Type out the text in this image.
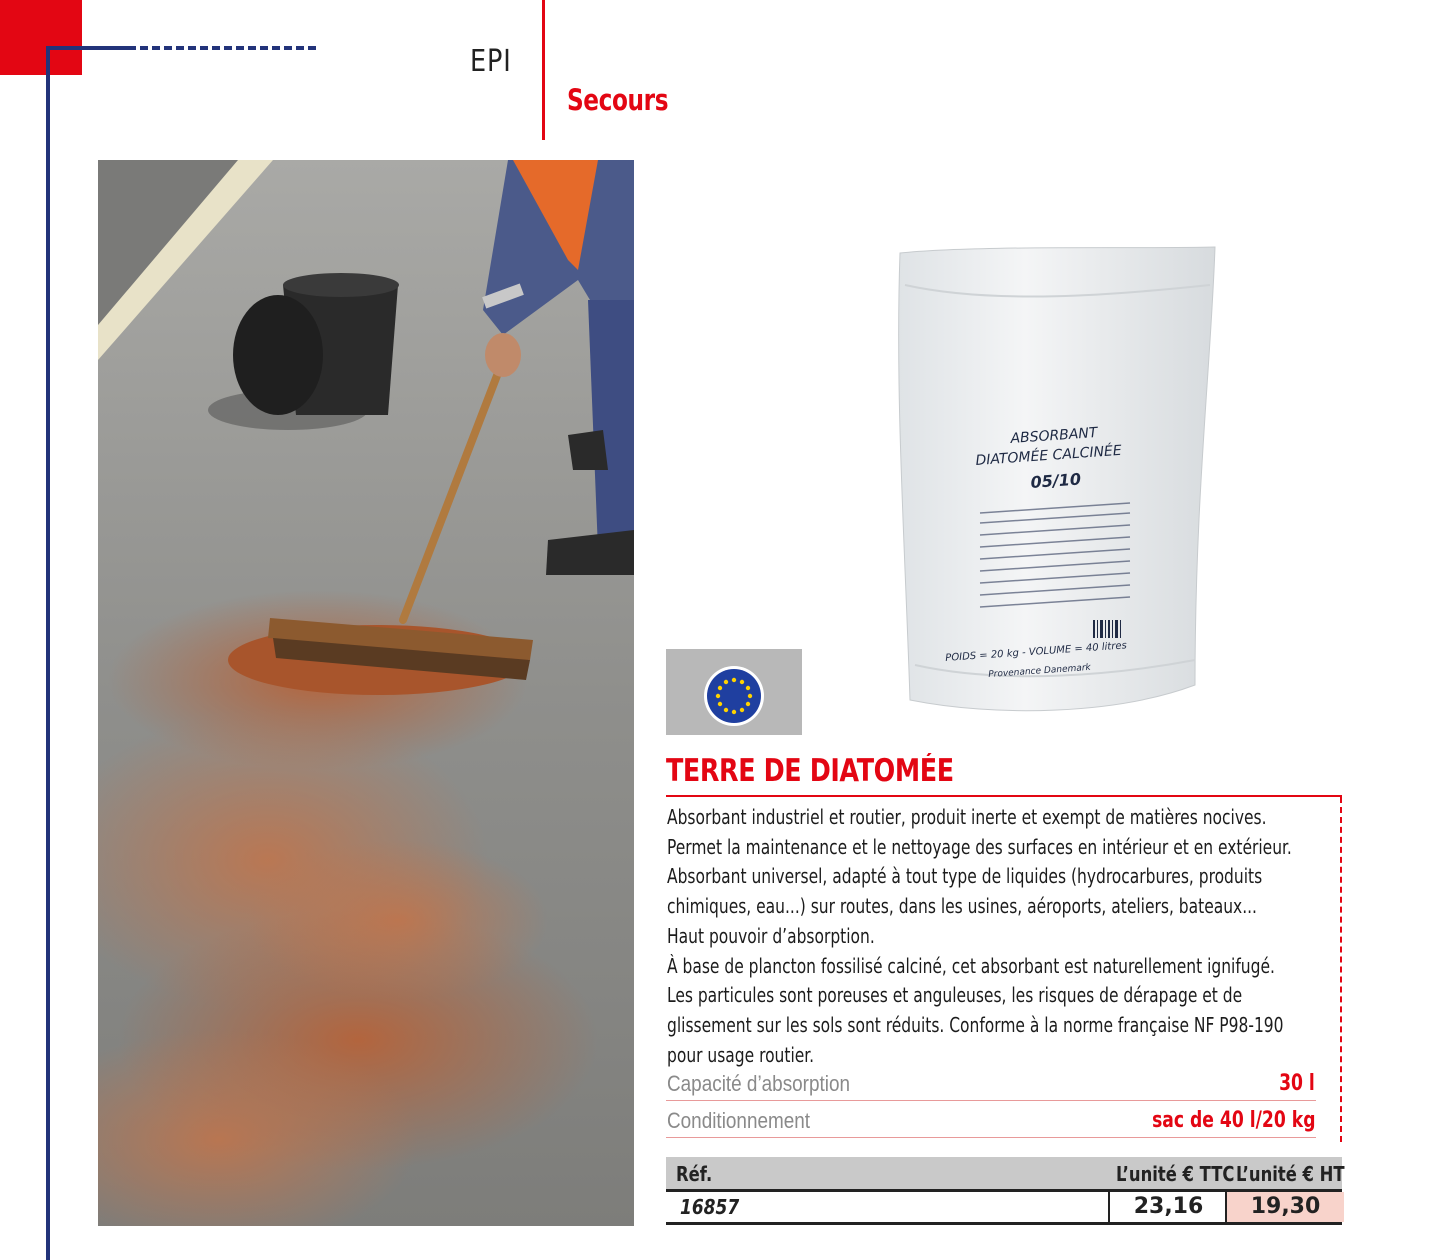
EPI
Secours
ABSORBANT
DIATOMÉE CALCINÉE
05/10
POIDS = 20 kg - VOLUME = 40 litres
Provenance Danemark
TERRE DE DIATOMÉE

Absorbant industriel et routier, produit inerte et exempt de matières nocives. Permet la maintenance et le nettoyage des surfaces en intérieur et en extérieur. Absorbant universel, adapté à tout type de liquides (hydrocarbures, produits chimiques, eau...) sur routes, dans les usines, aéroports, ateliers, bateaux... Haut pouvoir d’absorption.

À base de plancton fossilisé calciné, cet absorbant est naturellement ignifugé. Les particules sont poreuses et anguleuses, les risques de dérapage et de glissement sur les sols sont réduits. Conforme à la norme française NF P98-190 pour usage routier.

Capacité d’absorption	30 l
Conditionnement	sac de 40 l/20 kg
Réf.	L’unité € TTC L’unité € HT
16857	23,16	19,30
